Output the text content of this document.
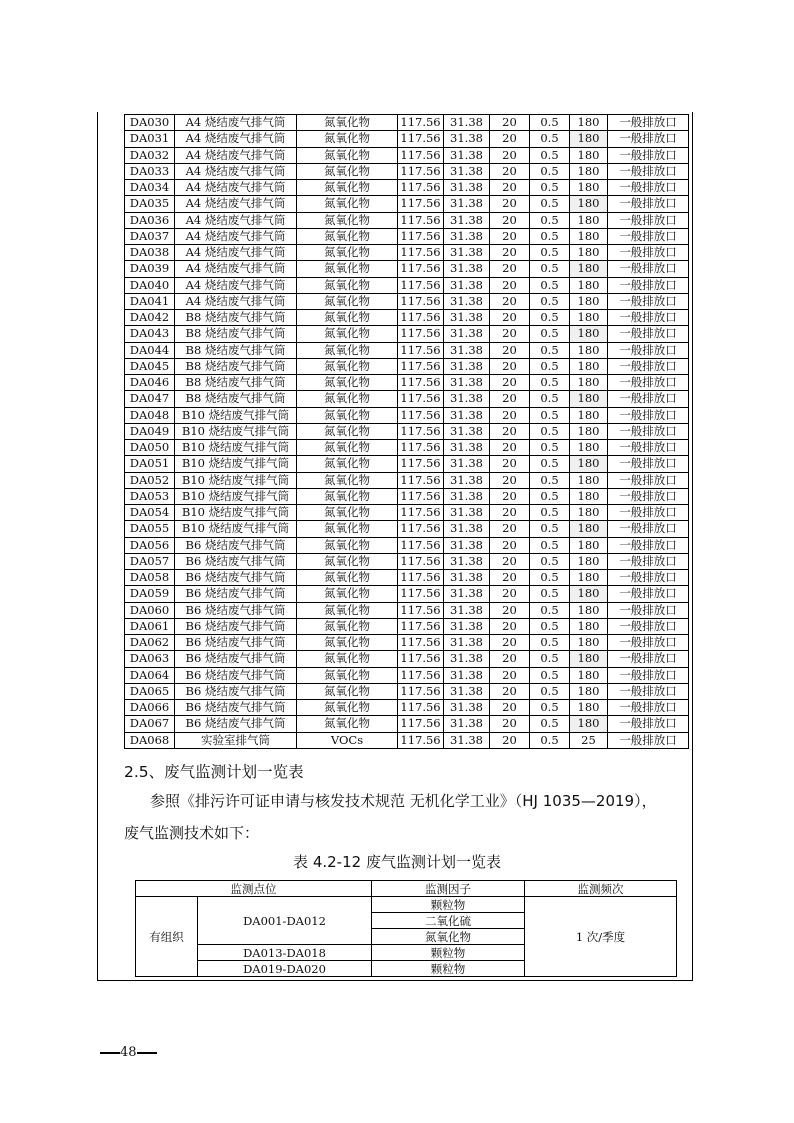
DA030	A4 烧结废气排气筒	氮氧化物	117.56	31.38	20	0.5	180	一般排放口
DA031	A4 烧结废气排气筒	氮氧化物	117.56	31.38	20	0.5	180	一般排放口
DA032	A4 烧结废气排气筒	氮氧化物	117.56	31.38	20	0.5	180	一般排放口
DA033	A4 烧结废气排气筒	氮氧化物	117.56	31.38	20	0.5	180	一般排放口
DA034	A4 烧结废气排气筒	氮氧化物	117.56	31.38	20	0.5	180	一般排放口
DA035	A4 烧结废气排气筒	氮氧化物	117.56	31.38	20	0.5	180	一般排放口
DA036	A4 烧结废气排气筒	氮氧化物	117.56	31.38	20	0.5	180	一般排放口
DA037	A4 烧结废气排气筒	氮氧化物	117.56	31.38	20	0.5	180	一般排放口
DA038	A4 烧结废气排气筒	氮氧化物	117.56	31.38	20	0.5	180	一般排放口
DA039	A4 烧结废气排气筒	氮氧化物	117.56	31.38	20	0.5	180	一般排放口
DA040	A4 烧结废气排气筒	氮氧化物	117.56	31.38	20	0.5	180	一般排放口
DA041	A4 烧结废气排气筒	氮氧化物	117.56	31.38	20	0.5	180	一般排放口
DA042	B8 烧结废气排气筒	氮氧化物	117.56	31.38	20	0.5	180	一般排放口
DA043	B8 烧结废气排气筒	氮氧化物	117.56	31.38	20	0.5	180	一般排放口
DA044	B8 烧结废气排气筒	氮氧化物	117.56	31.38	20	0.5	180	一般排放口
DA045	B8 烧结废气排气筒	氮氧化物	117.56	31.38	20	0.5	180	一般排放口
DA046	B8 烧结废气排气筒	氮氧化物	117.56	31.38	20	0.5	180	一般排放口
DA047	B8 烧结废气排气筒	氮氧化物	117.56	31.38	20	0.5	180	一般排放口
DA048	B10 烧结废气排气筒	氮氧化物	117.56	31.38	20	0.5	180	一般排放口
DA049	B10 烧结废气排气筒	氮氧化物	117.56	31.38	20	0.5	180	一般排放口
DA050	B10 烧结废气排气筒	氮氧化物	117.56	31.38	20	0.5	180	一般排放口
DA051	B10 烧结废气排气筒	氮氧化物	117.56	31.38	20	0.5	180	一般排放口
DA052	B10 烧结废气排气筒	氮氧化物	117.56	31.38	20	0.5	180	一般排放口
DA053	B10 烧结废气排气筒	氮氧化物	117.56	31.38	20	0.5	180	一般排放口
DA054	B10 烧结废气排气筒	氮氧化物	117.56	31.38	20	0.5	180	一般排放口
DA055	B10 烧结废气排气筒	氮氧化物	117.56	31.38	20	0.5	180	一般排放口
DA056	B6 烧结废气排气筒	氮氧化物	117.56	31.38	20	0.5	180	一般排放口
DA057	B6 烧结废气排气筒	氮氧化物	117.56	31.38	20	0.5	180	一般排放口
DA058	B6 烧结废气排气筒	氮氧化物	117.56	31.38	20	0.5	180	一般排放口
DA059	B6 烧结废气排气筒	氮氧化物	117.56	31.38	20	0.5	180	一般排放口
DA060	B6 烧结废气排气筒	氮氧化物	117.56	31.38	20	0.5	180	一般排放口
DA061	B6 烧结废气排气筒	氮氧化物	117.56	31.38	20	0.5	180	一般排放口
DA062	B6 烧结废气排气筒	氮氧化物	117.56	31.38	20	0.5	180	一般排放口
DA063	B6 烧结废气排气筒	氮氧化物	117.56	31.38	20	0.5	180	一般排放口
DA064	B6 烧结废气排气筒	氮氧化物	117.56	31.38	20	0.5	180	一般排放口
DA065	B6 烧结废气排气筒	氮氧化物	117.56	31.38	20	0.5	180	一般排放口
DA066	B6 烧结废气排气筒	氮氧化物	117.56	31.38	20	0.5	180	一般排放口
DA067	B6 烧结废气排气筒	氮氧化物	117.56	31.38	20	0.5	180	一般排放口
DA068	实验室排气筒	VOCs	117.56	31.38	20	0.5	25	一般排放口
2.5、废气监测计划一览表
参照《排污许可证申请与核发技术规范 无机化学工业》（HJ 1035—2019），
废气监测技术如下：
表 4.2-12 废气监测计划一览表
监测点位		监测因子	监测频次
有组织	DA001-DA012	颗粒物	1 次/季度
		二氧化硫	
		氮氧化物	
	DA013-DA018	颗粒物	
	DA019-DA020	颗粒物	
48
